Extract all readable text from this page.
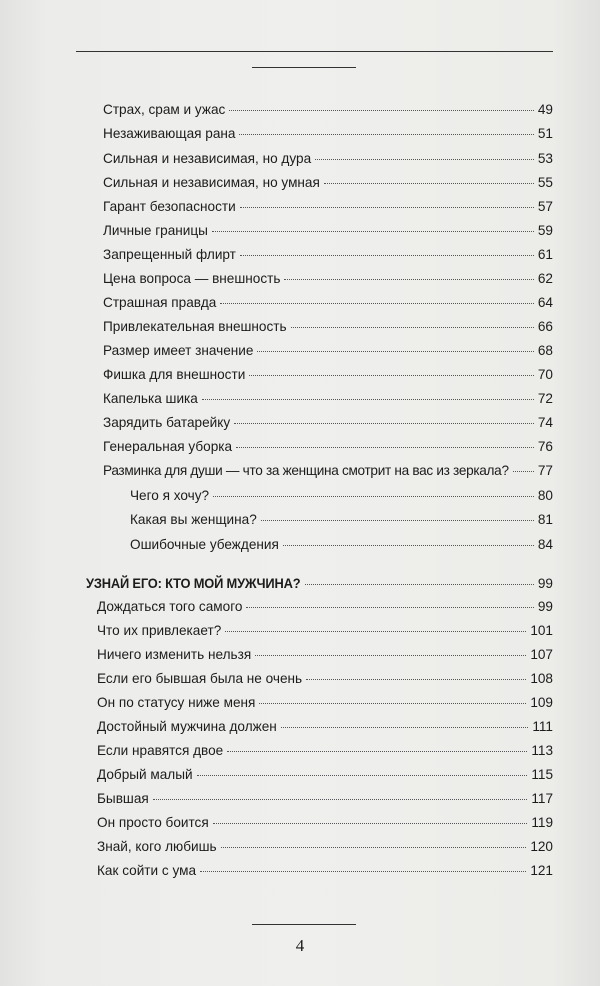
Страх, срам и ужас	49
Незаживающая рана	51
Сильная и независимая, но дура	53
Сильная и независимая, но умная	55
Гарант безопасности	57
Личные границы	59
Запрещенный флирт	61
Цена вопроса — внешность	62
Страшная правда	64
Привлекательная внешность	66
Размер имеет значение	68
Фишка для внешности	70
Капелька шика	72
Зарядить батарейку	74
Генеральная уборка	76
Разминка для души — что за женщина смотрит на вас из зеркала? 77
Чего я хочу?	80
Какая вы женщина?	81
Ошибочные убеждения	84
УЗНАЙ ЕГО: КТО МОЙ МУЖЧИНА?	99
Дождаться того самого	99
Что их привлекает?	101
Ничего изменить нельзя	107
Если его бывшая была не очень	108
Он по статусу ниже меня	109
Достойный мужчина должен	111
Если нравятся двое	113
Добрый малый	115
Бывшая	117
Он просто боится	119
Знай, кого любишь	120
Как сойти с ума	121
4
